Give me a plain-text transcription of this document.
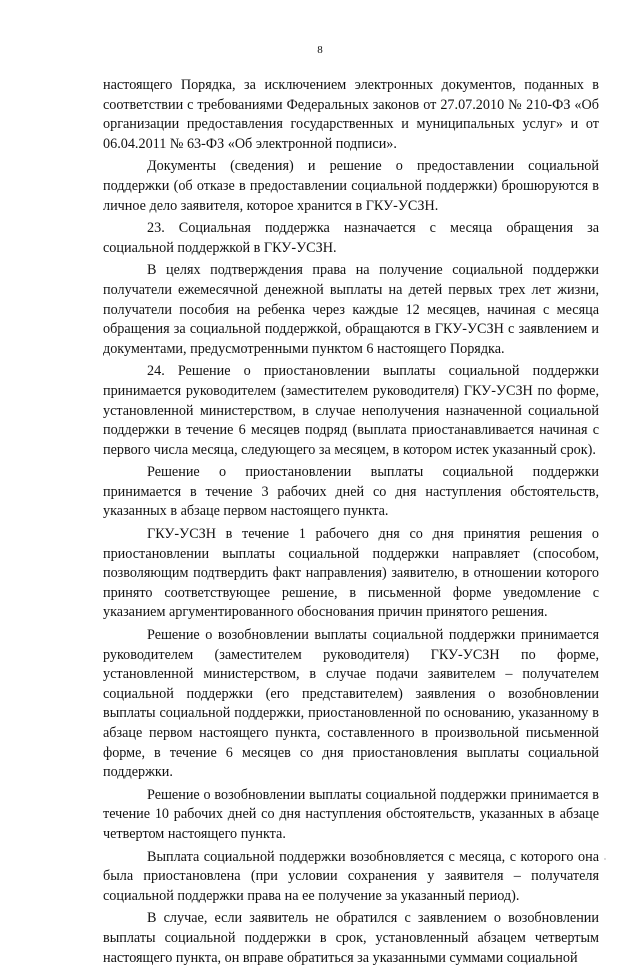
8

настоящего Порядка, за исключением электронных документов, поданных в соответствии с требованиями Федеральных законов от 27.07.2010 № 210-ФЗ «Об организации предоставления государственных и муниципальных услуг» и от 06.04.2011 № 63-ФЗ «Об электронной подписи».

Документы (сведения) и решение о предоставлении социальной поддержки (об отказе в предоставлении социальной поддержки) брошюруются в личное дело заявителя, которое хранится в ГКУ-УСЗН.

23. Социальная поддержка назначается с месяца обращения за социальной поддержкой в ГКУ-УСЗН.

В целях подтверждения права на получение социальной поддержки получатели ежемесячной денежной выплаты на детей первых трех лет жизни, получатели пособия на ребенка через каждые 12 месяцев, начиная с месяца обращения за социальной поддержкой, обращаются в ГКУ-УСЗН с заявлением и документами, предусмотренными пунктом 6 настоящего Порядка.

24. Решение о приостановлении выплаты социальной поддержки принимается руководителем (заместителем руководителя) ГКУ-УСЗН по форме, установленной министерством, в случае неполучения назначенной социальной поддержки в течение 6 месяцев подряд (выплата приостанавливается начиная с первого числа месяца, следующего за месяцем, в котором истек указанный срок).

Решение о приостановлении выплаты социальной поддержки принимается в течение 3 рабочих дней со дня наступления обстоятельств, указанных в абзаце первом настоящего пункта.

ГКУ-УСЗН в течение 1 рабочего дня со дня принятия решения о приостановлении выплаты социальной поддержки направляет (способом, позволяющим подтвердить факт направления) заявителю, в отношении которого принято соответствующее решение, в письменной форме уведомление с указанием аргументированного обоснования причин принятого решения.

Решение о возобновлении выплаты социальной поддержки принимается руководителем (заместителем руководителя) ГКУ-УСЗН по форме, установленной министерством, в случае подачи заявителем – получателем социальной поддержки (его представителем) заявления о возобновлении выплаты социальной поддержки, приостановленной по основанию, указанному в абзаце первом настоящего пункта, составленного в произвольной письменной форме, в течение 6 месяцев со дня приостановления выплаты социальной поддержки.

Решение о возобновлении выплаты социальной поддержки принимается в течение 10 рабочих дней со дня наступления обстоятельств, указанных в абзаце четвертом настоящего пункта.

Выплата социальной поддержки возобновляется с месяца, с которого она была приостановлена (при условии сохранения у заявителя – получателя социальной поддержки права на ее получение за указанный период).

В случае, если заявитель не обратился с заявлением о возобновлении выплаты социальной поддержки в срок, установленный абзацем четвертым настоящего пункта, он вправе обратиться за указанными суммами социальной
